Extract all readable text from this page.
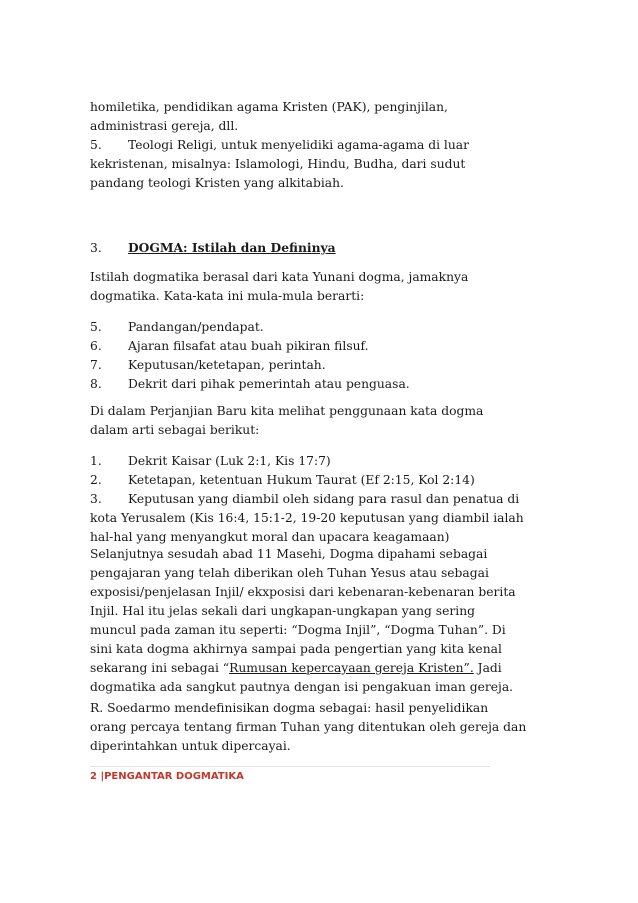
homiletika, pendidikan agama Kristen (PAK), penginjilan,
administrasi gereja, dll.
5. Teologi Religi, untuk menyelidiki agama-agama di luar
kekristenan, misalnya: Islamologi, Hindu, Budha, dari sudut
pandang teologi Kristen yang alkitabiah.
3. DOGMA: Istilah dan Defininya
Istilah dogmatika berasal dari kata Yunani dogma, jamaknya
dogmatika. Kata-kata ini mula-mula berarti:
5. Pandangan/pendapat.
6. Ajaran filsafat atau buah pikiran filsuf.
7. Keputusan/ketetapan, perintah.
8. Dekrit dari pihak pemerintah atau penguasa.
Di dalam Perjanjian Baru kita melihat penggunaan kata dogma
dalam arti sebagai berikut:
1. Dekrit Kaisar (Luk 2:1, Kis 17:7)
2. Ketetapan, ketentuan Hukum Taurat (Ef 2:15, Kol 2:14)
3. Keputusan yang diambil oleh sidang para rasul dan penatua di
kota Yerusalem (Kis 16:4, 15:1-2, 19-20 keputusan yang diambil ialah
hal-hal yang menyangkut moral dan upacara keagamaan)
Selanjutnya sesudah abad 11 Masehi, Dogma dipahami sebagai
pengajaran yang telah diberikan oleh Tuhan Yesus atau sebagai
exposisi/penjelasan Injil/ ekxposisi dari kebenaran-kebenaran berita
Injil. Hal itu jelas sekali dari ungkapan-ungkapan yang sering
muncul pada zaman itu seperti: “Dogma Injil”, “Dogma Tuhan”. Di
sini kata dogma akhirnya sampai pada pengertian yang kita kenal
sekarang ini sebagai “Rumusan kepercayaan gereja Kristen”. Jadi
dogmatika ada sangkut pautnya dengan isi pengakuan iman gereja.
R. Soedarmo mendefinisikan dogma sebagai: hasil penyelidikan
orang percaya tentang firman Tuhan yang ditentukan oleh gereja dan
diperintahkan untuk dipercayai.
2 |PENGANTAR DOGMATIKA
